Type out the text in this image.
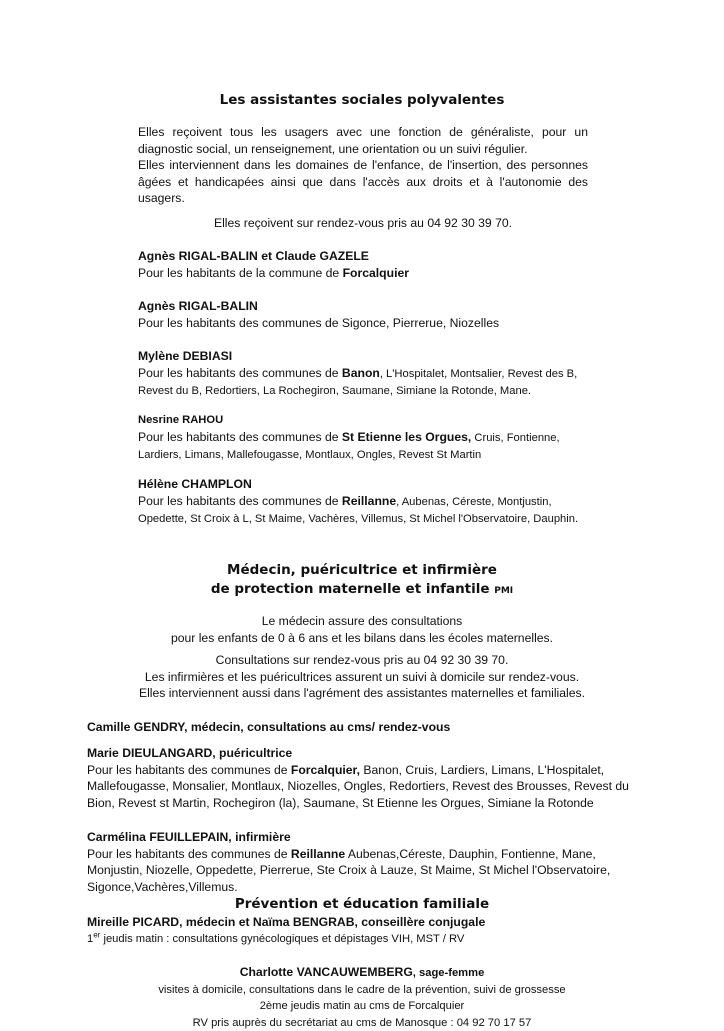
Les assistantes sociales polyvalentes

Elles reçoivent tous les usagers avec une fonction de généraliste, pour un diagnostic social, un renseignement, une orientation ou un suivi régulier.

Elles interviennent dans les domaines de l'enfance, de l'insertion, des personnes âgées et handicapées ainsi que dans l'accès aux droits et à l'autonomie des usagers.

Elles reçoivent sur rendez-vous pris au 04 92 30 39 70.

Agnès RIGAL-BALIN et Claude GAZELE

Pour les habitants de la commune de Forcalquier

Agnès RIGAL-BALIN

Pour les habitants des communes de Sigonce, Pierrerue, Niozelles

Mylène DEBIASI

Pour les habitants des communes de Banon, L'Hospitalet, Montsalier, Revest des B, Revest du B, Redortiers, La Rochegiron, Saumane, Simiane la Rotonde, Mane.

Nesrine RAHOU

Pour les habitants des communes de St Etienne les Orgues, Cruis, Fontienne, Lardiers, Limans, Mallefougasse, Montlaux, Ongles, Revest St Martin

Hélène CHAMPLON

Pour les habitants des communes de Reillanne, Aubenas, Céreste, Montjustin, Opedette, St Croix à L, St Maime, Vachères, Villemus, St Michel l'Observatoire, Dauphin.

Médecin, puéricultrice et infirmière
de protection maternelle et infantile PMI

Le médecin assure des consultations

pour les enfants de 0 à 6 ans et les bilans dans les écoles maternelles.

Consultations sur rendez-vous pris au 04 92 30 39 70.

Les infirmières et les puéricultrices assurent un suivi à domicile sur rendez-vous.

Elles interviennent aussi dans l'agrément des assistantes maternelles et familiales.

Camille GENDRY, médecin, consultations au cms/ rendez-vous

Marie DIEULANGARD, puéricultrice

Pour les habitants des communes de Forcalquier, Banon, Cruis, Lardiers, Limans, L'Hospitalet, Mallefougasse, Monsalier, Montlaux, Niozelles, Ongles, Redortiers, Revest des Brousses, Revest du Bion, Revest st Martin, Rochegiron (la), Saumane, St Etienne les Orgues, Simiane la Rotonde

Carmélina FEUILLEPAIN, infirmière

Pour les habitants des communes de Reillanne Aubenas,Céreste, Dauphin, Fontienne, Mane, Monjustin, Niozelle, Oppedette, Pierrerue, Ste Croix à Lauze, St Maime, St Michel l'Observatoire, Sigonce,Vachères,Villemus.

Prévention et éducation familiale

Mireille PICARD, médecin et Naïma BENGRAB, conseillère conjugale

1er jeudis matin : consultations gynécologiques et dépistages VIH, MST / RV

Charlotte VANCAUWEMBERG, sage-femme

visites à domicile, consultations dans le cadre de la prévention, suivi de grossesse

2ème jeudis matin au cms de Forcalquier

RV pris auprès du secrétariat au cms de Manosque : 04 92 70 17 57
